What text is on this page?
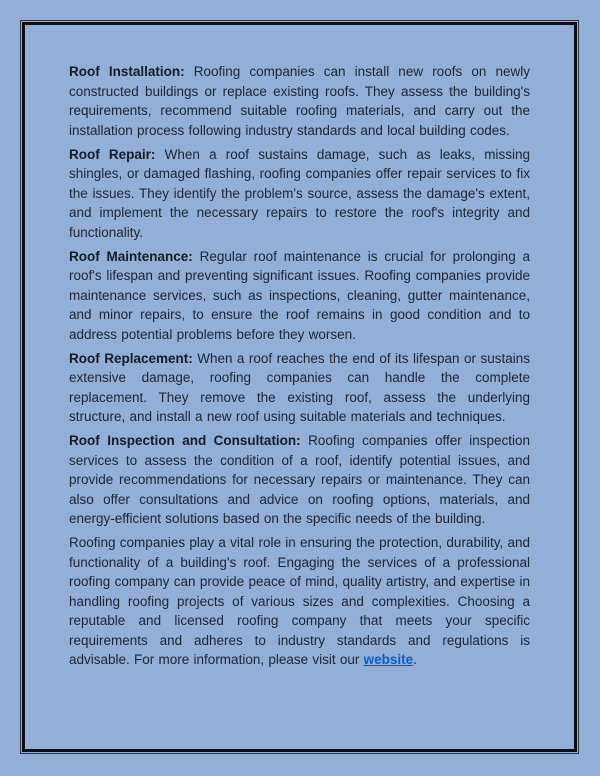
Roof Installation: Roofing companies can install new roofs on newly constructed buildings or replace existing roofs. They assess the building's requirements, recommend suitable roofing materials, and carry out the installation process following industry standards and local building codes.

Roof Repair: When a roof sustains damage, such as leaks, missing shingles, or damaged flashing, roofing companies offer repair services to fix the issues. They identify the problem's source, assess the damage's extent, and implement the necessary repairs to restore the roof's integrity and functionality.

Roof Maintenance: Regular roof maintenance is crucial for prolonging a roof's lifespan and preventing significant issues. Roofing companies provide maintenance services, such as inspections, cleaning, gutter maintenance, and minor repairs, to ensure the roof remains in good condition and to address potential problems before they worsen.

Roof Replacement: When a roof reaches the end of its lifespan or sustains extensive damage, roofing companies can handle the complete replacement. They remove the existing roof, assess the underlying structure, and install a new roof using suitable materials and techniques.

Roof Inspection and Consultation: Roofing companies offer inspection services to assess the condition of a roof, identify potential issues, and provide recommendations for necessary repairs or maintenance. They can also offer consultations and advice on roofing options, materials, and energy-efficient solutions based on the specific needs of the building.

Roofing companies play a vital role in ensuring the protection, durability, and functionality of a building's roof. Engaging the services of a professional roofing company can provide peace of mind, quality artistry, and expertise in handling roofing projects of various sizes and complexities. Choosing a reputable and licensed roofing company that meets your specific requirements and adheres to industry standards and regulations is advisable. For more information, please visit our website.
